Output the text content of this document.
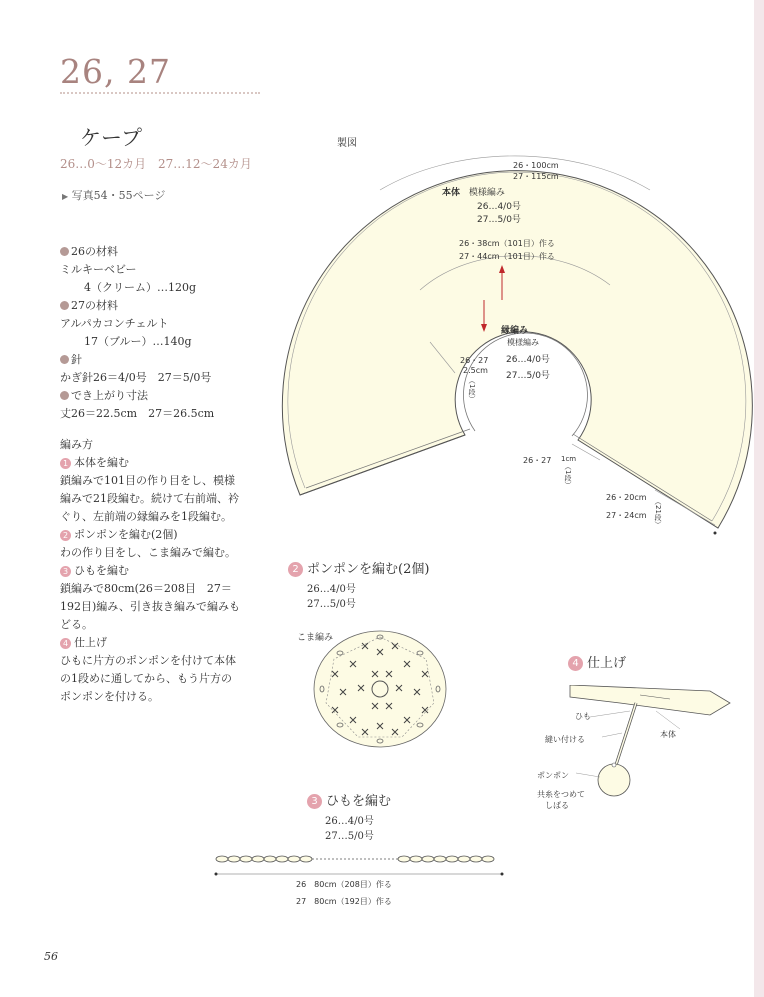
26, 27
ケープ
26…0～12カ月 27…12～24カ月
▶ 写真54・55ページ
26の材料
ミルキーベビー
4（クリーム）…120g
27の材料
アルパカコンチェルト
17（ブルー）…140g
針
かぎ針26＝4/0号　27＝5/0号
でき上がり寸法
丈26＝22.5cm　27＝26.5cm
編み方
1 本体を編む
鎖編みで101目の作り目をし、模様編みで21段編む。続けて右前端、衿ぐり、左前端の縁編みを1段編む。
2 ポンポンを編む(2個)
わの作り目をし、こま編みで編む。
3 ひもを編む
鎖編みで80cm(26＝208目　27＝192目)編み、引き抜き編みで編みもどる。
4 仕上げ
ひもに片方のポンポンを付けて本体の1段めに通してから、もう片方のポンポンを付ける。
製図
26・100cm
27・115cm
本体 模様編み
26…4/0号
27…5/0号
26・38cm（101目）作る
27・44cm（101目）作る
縁編み
模様編み
26…4/0号
27…5/0号
26・27
2.5cm
（1段）
26・27 1cm
（1段）
26・20cm
27・24cm （21段）
2 ポンポンを編む(2個)
26…4/0号
27…5/0号
こま編み
3 ひもを編む
26…4/0号
27…5/0号
26　80cm（208目）作る
27　80cm（192目）作る
4 仕上げ
ひも
本体
縫い付ける
ポンポン
共糸をつめて
しばる
56
